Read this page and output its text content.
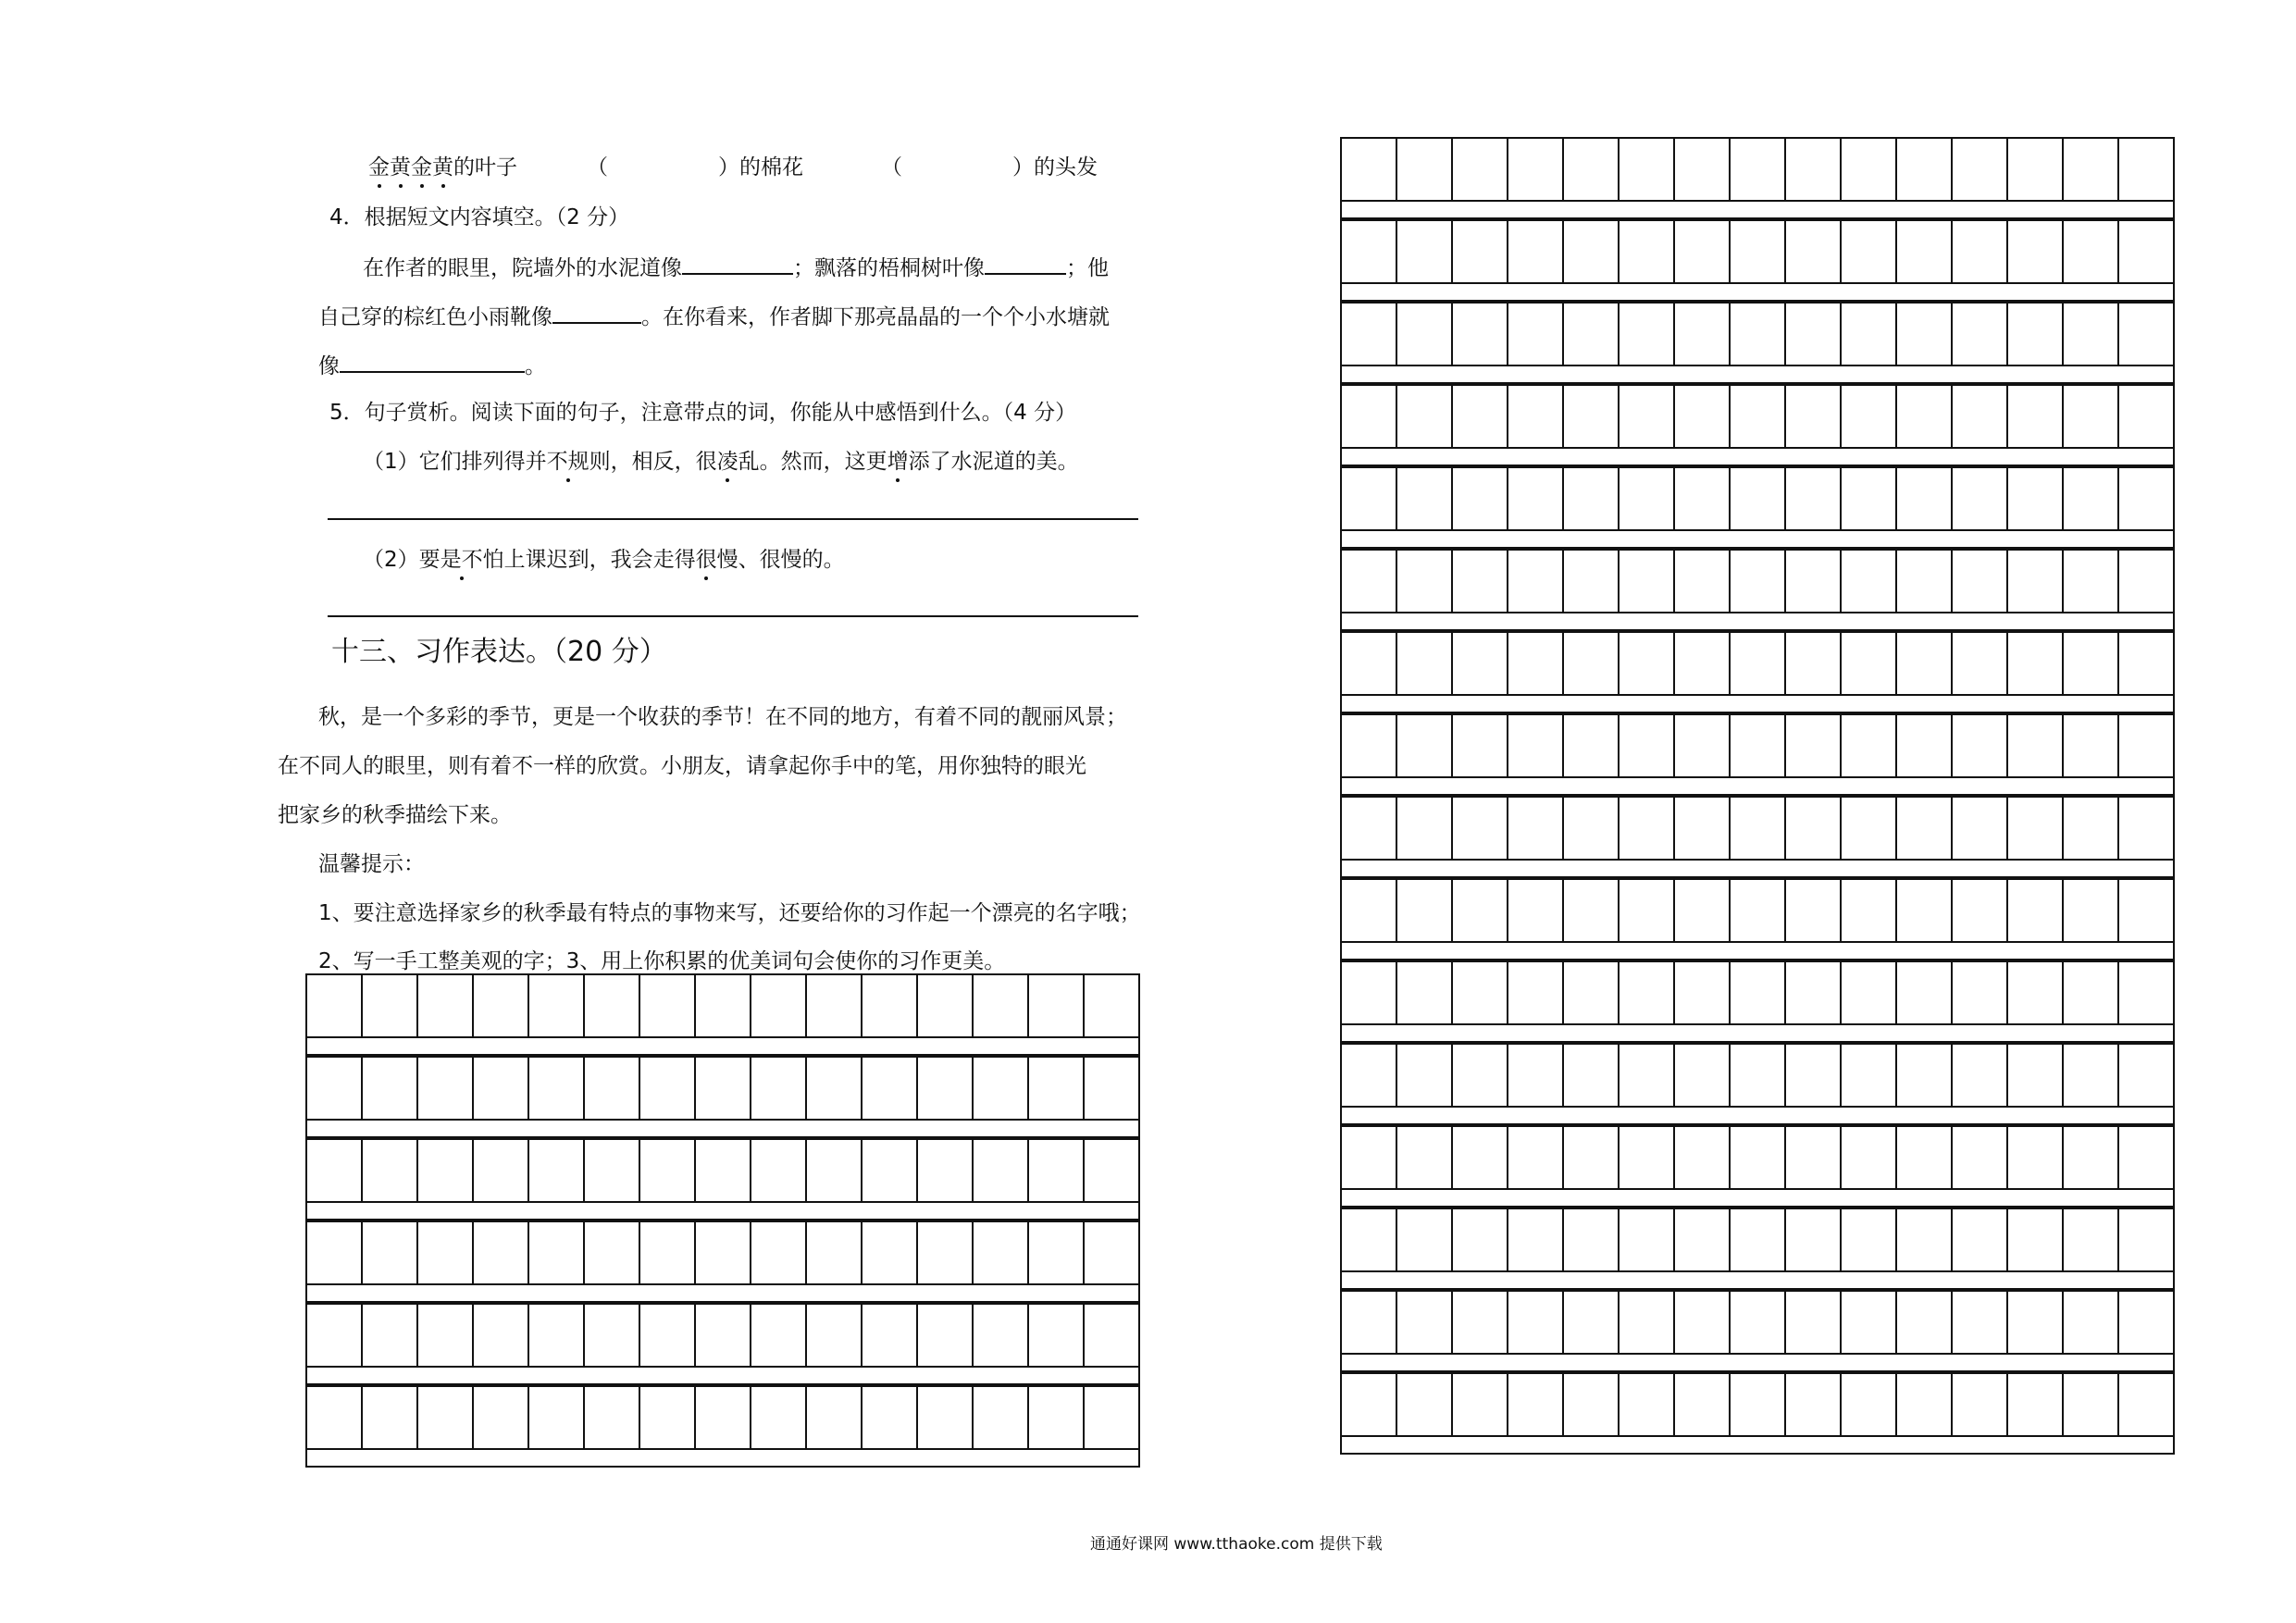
金黄金黄的叶子	（	）的棉花	（	）的头发
4．根据短文内容填空。（2 分）
在作者的眼里，院墙外的水泥道像	；飘落的梧桐树叶像	；他
自己穿的棕红色小雨靴像	。在你看来，作者脚下那亮晶晶的一个个小水塘就
像	。
5．句子赏析。阅读下面的句子，注意带点的词，你能从中感悟到什么。（4 分）
（1）它们排列得并不规则，相反，很凌乱。然而，这更增添了水泥道的美。
（2）要是不怕上课迟到，我会走得很慢、很慢的。
十三、习作表达。（20 分）
秋，是一个多彩的季节，更是一个收获的季节！在不同的地方，有着不同的靓丽风景；
在不同人的眼里，则有着不一样的欣赏。小朋友，请拿起你手中的笔，用你独特的眼光
把家乡的秋季描绘下来。
温馨提示：
1、要注意选择家乡的秋季最有特点的事物来写，还要给你的习作起一个漂亮的名字哦；
2、写一手工整美观的字；3、用上你积累的优美词句会使你的习作更美。
通通好课网 www.tthaoke.com 提供下载
